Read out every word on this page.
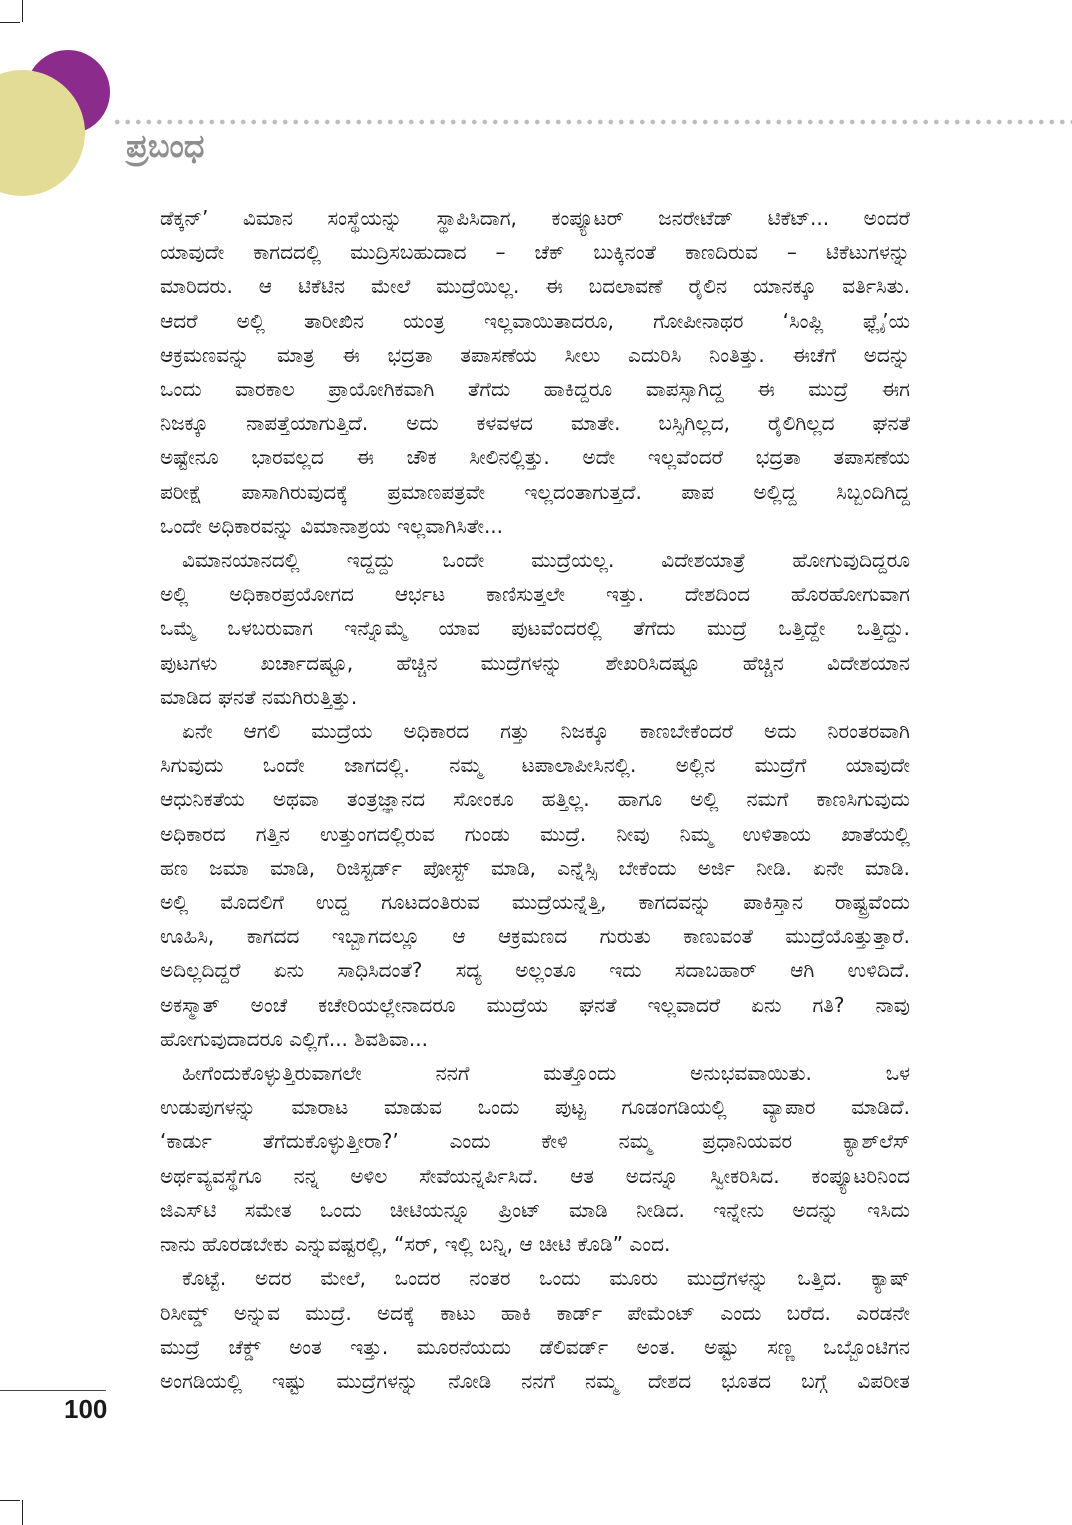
ಪ್ರಬಂಧ
ಡೆಕ್ಕನ್’ ವಿಮಾನ ಸಂಸ್ಥೆಯನ್ನು ಸ್ಥಾಪಿಸಿದಾಗ, ಕಂಪ್ಯೂಟರ್ ಜನರೇಟೆಡ್ ಟಿಕೆಟ್... ಅಂದರೆ
ಯಾವುದೇ ಕಾಗದದಲ್ಲಿ ಮುದ್ರಿಸಬಹುದಾದ – ಚೆಕ್ ಬುಕ್ಕಿನಂತೆ ಕಾಣದಿರುವ – ಟಿಕೆಟುಗಳನ್ನು
ಮಾರಿದರು. ಆ ಟಿಕೆಟಿನ ಮೇಲೆ ಮುದ್ರೆಯಿಲ್ಲ. ಈ ಬದಲಾವಣೆ ರೈಲಿನ ಯಾನಕ್ಕೂ ವರ್ತಿಸಿತು.
ಆದರೆ ಅಲ್ಲಿ ತಾರೀಖಿನ ಯಂತ್ರ ಇಲ್ಲವಾಯಿತಾದರೂ, ಗೋಪೀನಾಥರ ‘ಸಿಂಪ್ಲಿ ಫ್ಲೈ’ಯ
ಆಕ್ರಮಣವನ್ನು ಮಾತ್ರ ಈ ಭದ್ರತಾ ತಪಾಸಣೆಯ ಸೀಲು ಎದುರಿಸಿ ನಿಂತಿತ್ತು. ಈಚೆಗೆ ಅದನ್ನು
ಒಂದು ವಾರಕಾಲ ಪ್ರಾಯೋಗಿಕವಾಗಿ ತೆಗೆದು ಹಾಕಿದ್ದರೂ ವಾಪಸ್ಸಾಗಿದ್ದ ಈ ಮುದ್ರೆ ಈಗ
ನಿಜಕ್ಕೂ ನಾಪತ್ತೆಯಾಗುತ್ತಿದೆ. ಅದು ಕಳವಳದ ಮಾತೇ. ಬಸ್ಸಿಗಿಲ್ಲದ, ರೈಲಿಗಿಲ್ಲದ ಘನತೆ
ಅಷ್ಟೇನೂ ಭಾರವಲ್ಲದ ಈ ಚೌಕ ಸೀಲಿನಲ್ಲಿತ್ತು. ಅದೇ ಇಲ್ಲವೆಂದರೆ ಭದ್ರತಾ ತಪಾಸಣೆಯ
ಪರೀಕ್ಷೆ ಪಾಸಾಗಿರುವುದಕ್ಕೆ ಪ್ರಮಾಣಪತ್ರವೇ ಇಲ್ಲದಂತಾಗುತ್ತದೆ. ಪಾಪ ಅಲ್ಲಿದ್ದ ಸಿಬ್ಬಂದಿಗಿದ್ದ
ಒಂದೇ ಅಧಿಕಾರವನ್ನು ವಿಮಾನಾಶ್ರಯ ಇಲ್ಲವಾಗಿಸಿತೇ...
ವಿಮಾನಯಾನದಲ್ಲಿ ಇದ್ದದ್ದು ಒಂದೇ ಮುದ್ರೆಯಲ್ಲ. ವಿದೇಶಯಾತ್ರೆ ಹೋಗುವುದಿದ್ದರೂ
ಅಲ್ಲಿ ಅಧಿಕಾರಪ್ರಯೋಗದ ಆರ್ಭಟ ಕಾಣಿಸುತ್ತಲೇ ಇತ್ತು. ದೇಶದಿಂದ ಹೊರಹೋಗುವಾಗ
ಒಮ್ಮೆ ಒಳಬರುವಾಗ ಇನ್ನೊಮ್ಮೆ ಯಾವ ಪುಟವೆಂದರಲ್ಲಿ ತೆಗೆದು ಮುದ್ರೆ ಒತ್ತಿದ್ದೇ ಒತ್ತಿದ್ದು.
ಪುಟಗಳು ಖರ್ಚಾದಷ್ಟೂ, ಹೆಚ್ಚಿನ ಮುದ್ರೆಗಳನ್ನು ಶೇಖರಿಸಿದಷ್ಟೂ ಹೆಚ್ಚಿನ ವಿದೇಶಯಾನ
ಮಾಡಿದ ಘನತೆ ನಮಗಿರುತ್ತಿತ್ತು.
ಏನೇ ಆಗಲಿ ಮುದ್ರೆಯ ಅಧಿಕಾರದ ಗತ್ತು ನಿಜಕ್ಕೂ ಕಾಣಬೇಕೆಂದರೆ ಅದು ನಿರಂತರವಾಗಿ
ಸಿಗುವುದು ಒಂದೇ ಜಾಗದಲ್ಲಿ. ನಮ್ಮ ಟಪಾಲಾಪೀಸಿನಲ್ಲಿ. ಅಲ್ಲಿನ ಮುದ್ರೆಗೆ ಯಾವುದೇ
ಆಧುನಿಕತೆಯ ಅಥವಾ ತಂತ್ರಜ್ಞಾನದ ಸೋಂಕೂ ಹತ್ತಿಲ್ಲ. ಹಾಗೂ ಅಲ್ಲಿ ನಮಗೆ ಕಾಣಸಿಗುವುದು
ಅಧಿಕಾರದ ಗತ್ತಿನ ಉತ್ತುಂಗದಲ್ಲಿರುವ ಗುಂಡು ಮುದ್ರೆ. ನೀವು ನಿಮ್ಮ ಉಳಿತಾಯ ಖಾತೆಯಲ್ಲಿ
ಹಣ ಜಮಾ ಮಾಡಿ, ರಿಜಿಸ್ಟರ್ಡ್ ಪೋಸ್ಟ್ ಮಾಡಿ, ಎನ್ನೆಸ್ಸಿ ಬೇಕೆಂದು ಅರ್ಜಿ ನೀಡಿ. ಏನೇ ಮಾಡಿ.
ಅಲ್ಲಿ ಮೊದಲಿಗೆ ಉದ್ದ ಗೂಟದಂತಿರುವ ಮುದ್ರೆಯನ್ನೆತ್ತಿ, ಕಾಗದವನ್ನು ಪಾಕಿಸ್ತಾನ ರಾಷ್ಟ್ರವೆಂದು
ಊಹಿಸಿ, ಕಾಗದದ ಇಬ್ಬಾಗದಲ್ಲೂ ಆ ಆಕ್ರಮಣದ ಗುರುತು ಕಾಣುವಂತೆ ಮುದ್ರೆಯೊತ್ತುತ್ತಾರೆ.
ಅದಿಲ್ಲದಿದ್ದರೆ ಏನು ಸಾಧಿಸಿದಂತೆ? ಸದ್ಯ ಅಲ್ಲಂತೂ ಇದು ಸದಾಬಹಾರ್ ಆಗಿ ಉಳಿದಿದೆ.
ಅಕಸ್ಮಾತ್ ಅಂಚೆ ಕಚೇರಿಯಲ್ಲೇನಾದರೂ ಮುದ್ರೆಯ ಘನತೆ ಇಲ್ಲವಾದರೆ ಏನು ಗತಿ? ನಾವು
ಹೋಗುವುದಾದರೂ ಎಲ್ಲಿಗೆ... ಶಿವಶಿವಾ...
ಹೀಗೆಂದುಕೊಳ್ಳುತ್ತಿರುವಾಗಲೇ ನನಗೆ ಮತ್ತೊಂದು ಅನುಭವವಾಯಿತು. ಒಳ
ಉಡುಪುಗಳನ್ನು ಮಾರಾಟ ಮಾಡುವ ಒಂದು ಪುಟ್ಟ ಗೂಡಂಗಡಿಯಲ್ಲಿ ವ್ಯಾಪಾರ ಮಾಡಿದೆ.
‘ಕಾರ್ಡು ತೆಗೆದುಕೊಳ್ಳುತ್ತೀರಾ?’ ಎಂದು ಕೇಳಿ ನಮ್ಮ ಪ್ರಧಾನಿಯವರ ಕ್ಯಾಶ್‌ಲೆಸ್
ಅರ್ಥವ್ಯವಸ್ಥೆಗೂ ನನ್ನ ಅಳಿಲ ಸೇವೆಯನ್ನರ್ಪಿಸಿದೆ. ಆತ ಅದನ್ನೂ ಸ್ವೀಕರಿಸಿದ. ಕಂಪ್ಯೂಟರಿನಿಂದ
ಜಿಎಸ್‌ಟಿ ಸಮೇತ ಒಂದು ಚೀಟಿಯನ್ನೂ ಪ್ರಿಂಟ್ ಮಾಡಿ ನೀಡಿದ. ಇನ್ನೇನು ಅದನ್ನು ಇಸಿದು
ನಾನು ಹೊರಡಬೇಕು ಎನ್ನುವಷ್ಟರಲ್ಲಿ, “ಸರ್, ಇಲ್ಲಿ ಬನ್ನಿ, ಆ ಚೀಟಿ ಕೊಡಿ” ಎಂದ.
ಕೊಟ್ಟೆ. ಅದರ ಮೇಲೆ, ಒಂದರ ನಂತರ ಒಂದು ಮೂರು ಮುದ್ರೆಗಳನ್ನು ಒತ್ತಿದ. ಕ್ಯಾಷ್
ರಿಸೀವ್ಡ್ ಅನ್ನುವ ಮುದ್ರೆ. ಅದಕ್ಕೆ ಕಾಟು ಹಾಕಿ ಕಾರ್ಡ್ ಪೇಮೆಂಟ್ ಎಂದು ಬರೆದ. ಎರಡನೇ
ಮುದ್ರೆ ಚೆಕ್ಡ್ ಅಂತ ಇತ್ತು. ಮೂರನೆಯದು ಡೆಲಿವರ್ಡ್ ಅಂತ. ಅಷ್ಟು ಸಣ್ಣ ಒಬ್ಬೊಂಟಿಗನ
ಅಂಗಡಿಯಲ್ಲಿ ಇಷ್ಟು ಮುದ್ರೆಗಳನ್ನು ನೋಡಿ ನನಗೆ ನಮ್ಮ ದೇಶದ ಭೂತದ ಬಗ್ಗೆ ವಿಪರೀತ
100
